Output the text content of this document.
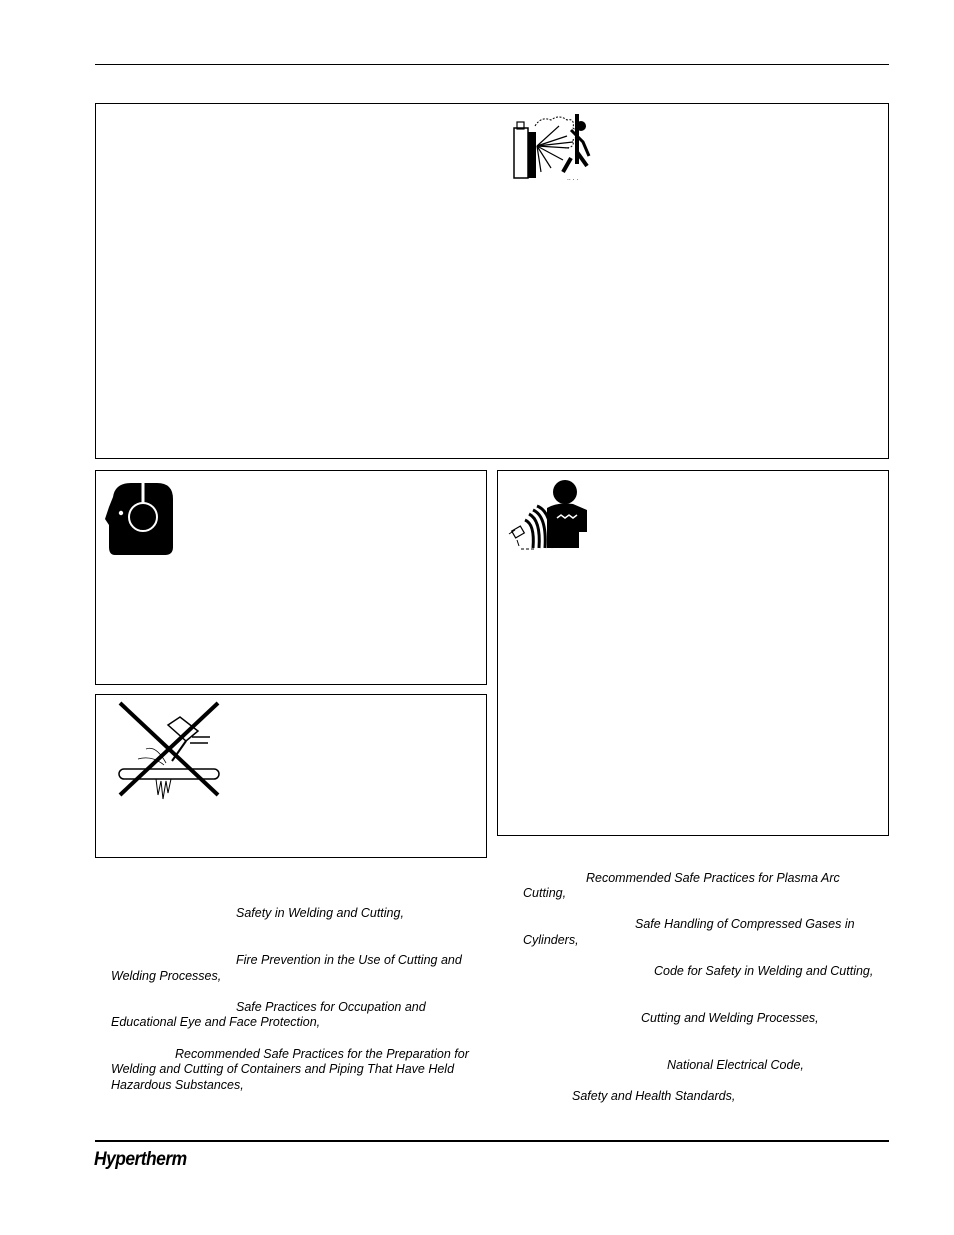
·· · ·

Safety in Welding and Cutting,

Fire Prevention in the Use of Cutting and

Welding Processes,

Safe Practices for Occupation and

Educational Eye and Face Protection,

Recommended Safe Practices for the Preparation for

Welding and Cutting of Containers and Piping That Have Held

Hazardous Substances,

Recommended Safe Practices for Plasma Arc

Cutting,

Safe Handling of Compressed Gases in

Cylinders,

Code for Safety in Welding and Cutting,

Cutting and Welding Processes,

National Electrical Code,

Safety and Health Standards,

Hypertherm
